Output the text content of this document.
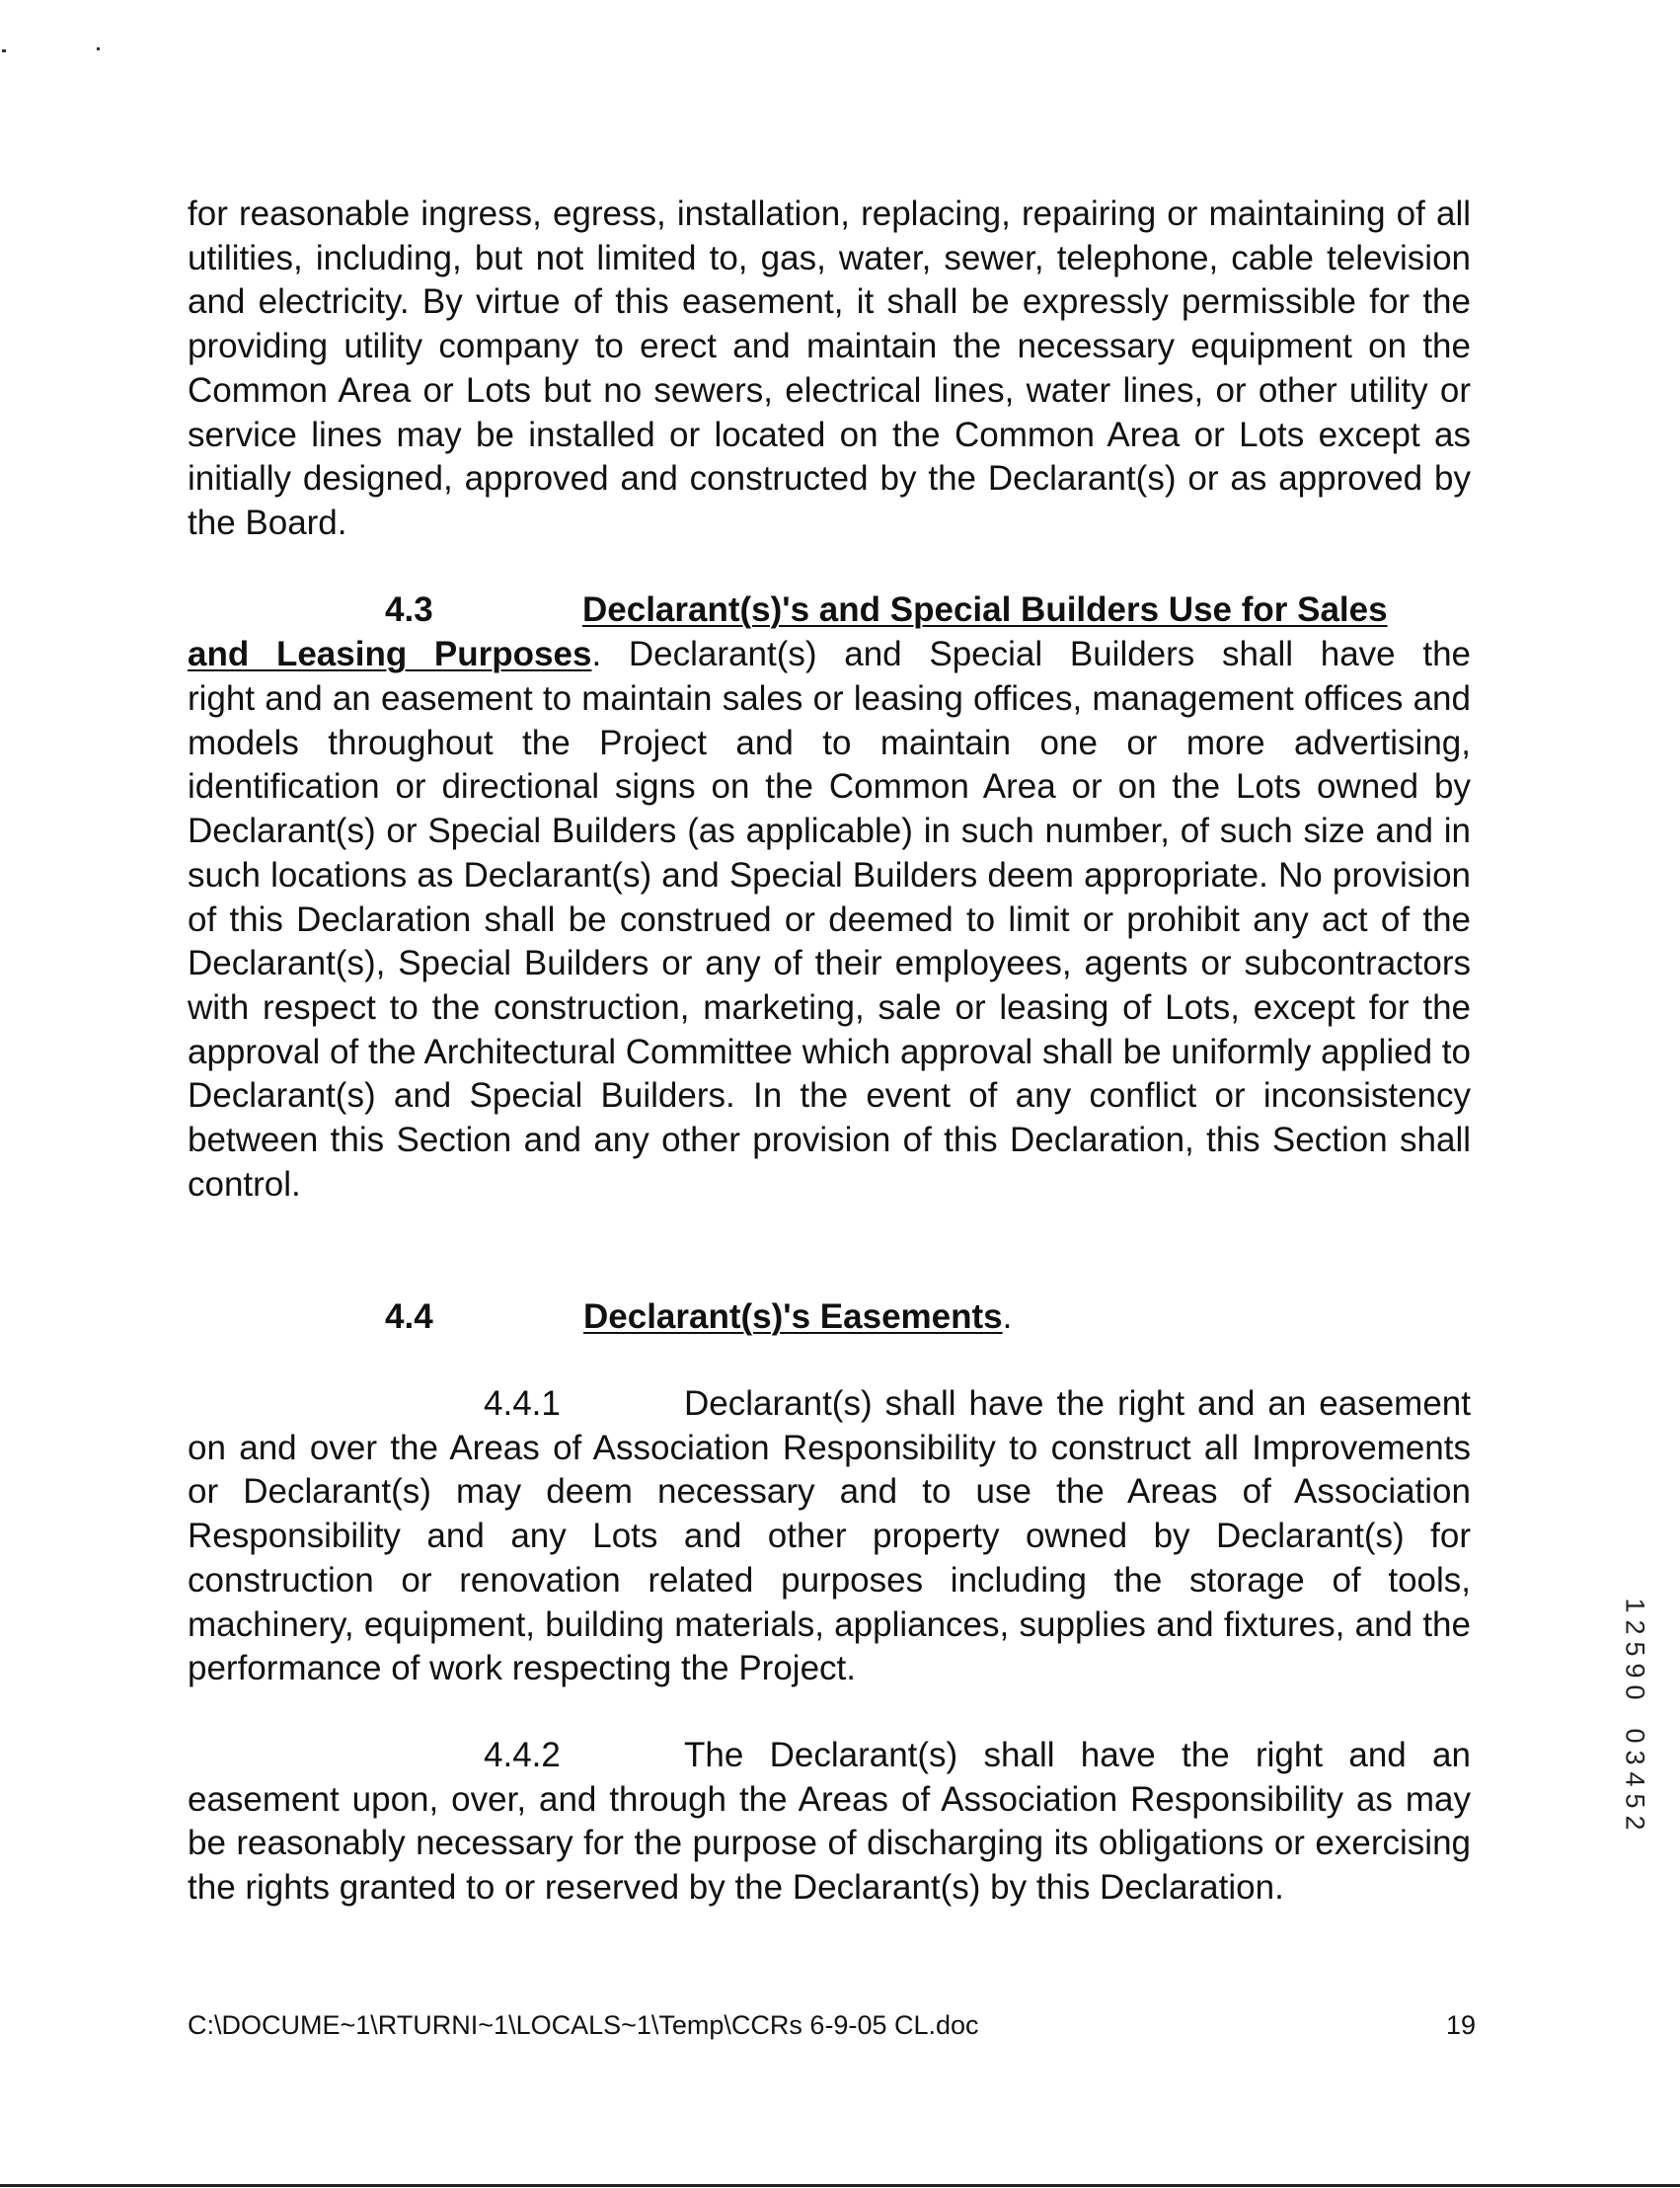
for reasonable ingress, egress, installation, replacing, repairing or maintaining of all utilities, including, but not limited to, gas, water, sewer, telephone, cable television and electricity. By virtue of this easement, it shall be expressly permissible for the providing utility company to erect and maintain the necessary equipment on the Common Area or Lots but no sewers, electrical lines, water lines, or other utility or service lines may be installed or located on the Common Area or Lots except as initially designed, approved and constructed by the Declarant(s) or as approved by the Board.

4.3	Declarant(s)'s and Special Builders Use for Sales

and Leasing Purposes. Declarant(s) and Special Builders shall have the

right and an easement to maintain sales or leasing offices, management offices and models throughout the Project and to maintain one or more advertising, identification or directional signs on the Common Area or on the Lots owned by Declarant(s) or Special Builders (as applicable) in such number, of such size and in such locations as Declarant(s) and Special Builders deem appropriate. No provision of this Declaration shall be construed or deemed to limit or prohibit any act of the Declarant(s), Special Builders or any of their employees, agents or subcontractors with respect to the construction, marketing, sale or leasing of Lots, except for the approval of the Architectural Committee which approval shall be uniformly applied to Declarant(s) and Special Builders. In the event of any conflict or inconsistency between this Section and any other provision of this Declaration, this Section shall control.

4.4	Declarant(s)'s Easements.

4.4.1	Declarant(s) shall have the right and an easement on and over the Areas of Association Responsibility to construct all Improvements or Declarant(s) may deem necessary and to use the Areas of Association Responsibility and any Lots and other property owned by Declarant(s) for construction or renovation related purposes including the storage of tools, machinery, equipment, building materials, appliances, supplies and fixtures, and the performance of work respecting the Project.

4.4.2	The Declarant(s) shall have the right and an easement upon, over, and through the Areas of Association Responsibility as may be reasonably necessary for the purpose of discharging its obligations or exercising the rights granted to or reserved by the Declarant(s) by this Declaration.

C:\DOCUME~1\RTURNI~1\LOCALS~1\Temp\CCRs 6-9-05 CL.doc	19
1
2
5
9
0
0
3
4
5
2
